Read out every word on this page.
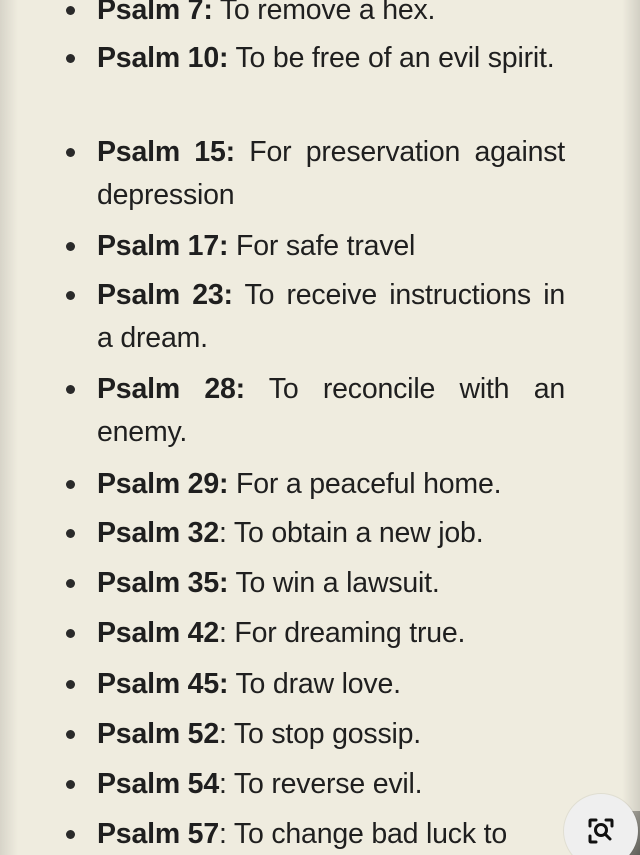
Psalm 7: To remove a hex.
Psalm 10: To be free of an evil spirit.
Psalm 15: For preservation against depression
Psalm 17: For safe travel
Psalm 23: To receive instructions in a dream.
Psalm 28: To reconcile with an enemy.
Psalm 29: For a peaceful home.
Psalm 32: To obtain a new job.
Psalm 35: To win a lawsuit.
Psalm 42: For dreaming true.
Psalm 45: To draw love.
Psalm 52: To stop gossip.
Psalm 54: To reverse evil.
Psalm 57: To change bad luck to
